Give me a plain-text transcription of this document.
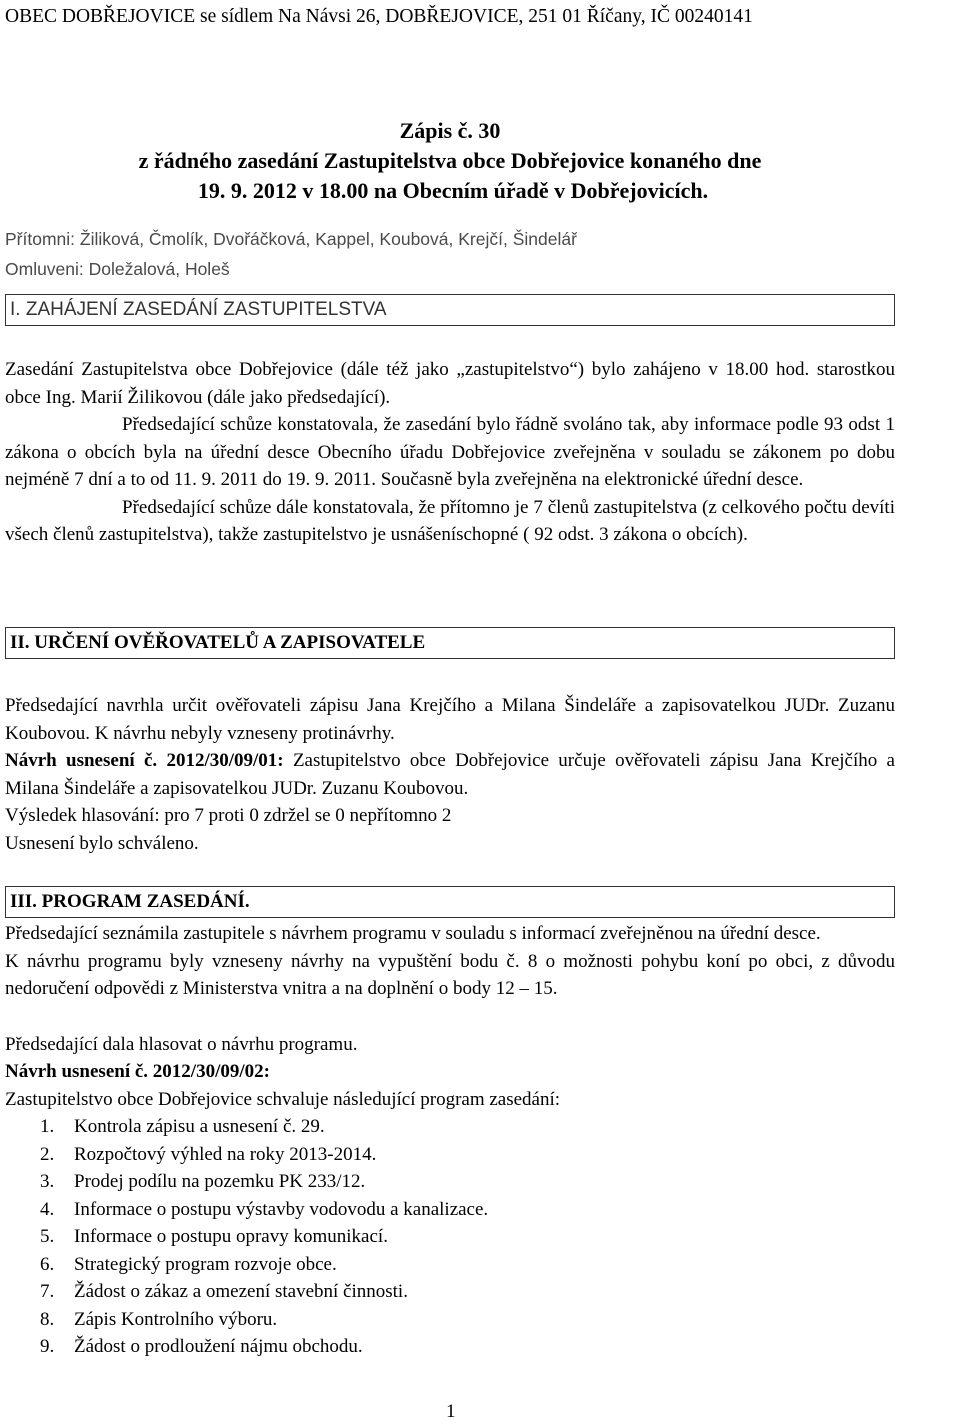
OBEC DOBŘEJOVICE se sídlem Na Návsi 26, DOBŘEJOVICE, 251 01 Říčany, IČ 00240141

Zápis č. 30
z řádného zasedání Zastupitelstva obce Dobřejovice konaného dne
19. 9. 2012 v 18.00 na Obecním úřadě v Dobřejovicích.

Přítomni: Žiliková, Čmolík, Dvořáčková, Kappel, Koubová, Krejčí, Šindelář

Omluveni: Doležalová, Holeš

I. ZAHÁJENÍ ZASEDÁNÍ ZASTUPITELSTVA

Zasedání Zastupitelstva obce Dobřejovice (dále též jako „zastupitelstvo“) bylo zahájeno v 18.00 hod. starostkou obce Ing. Marií Žilikovou (dále jako předsedající).

Předsedající schůze konstatovala, že zasedání bylo řádně svoláno tak, aby informace podle 93 odst 1 zákona o obcích byla na úřední desce Obecního úřadu Dobřejovice zveřejněna v souladu se zákonem po dobu nejméně 7 dní a to od 11. 9. 2011 do 19. 9. 2011. Současně byla zveřejněna na elektronické úřední desce.

Předsedající schůze dále konstatovala, že přítomno je 7 členů zastupitelstva (z celkového počtu devíti všech členů zastupitelstva), takže zastupitelstvo je usnášeníschopné ( 92 odst. 3 zákona o obcích).

II. URČENÍ OVĚŘOVATELŮ A ZAPISOVATELE

Předsedající navrhla určit ověřovateli zápisu Jana Krejčího a Milana Šindeláře a zapisovatelkou JUDr. Zuzanu Koubovou. K návrhu nebyly vzneseny protinávrhy.

Návrh usnesení č. 2012/30/09/01: Zastupitelstvo obce Dobřejovice určuje ověřovateli zápisu Jana Krejčího a Milana Šindeláře a zapisovatelkou JUDr. Zuzanu Koubovou.

Výsledek hlasování: pro 7 proti 0 zdržel se 0 nepřítomno 2

Usnesení bylo schváleno.

III. PROGRAM ZASEDÁNÍ.

Předsedající seznámila zastupitele s návrhem programu v souladu s informací zveřejněnou na úřední desce.

K návrhu programu byly vzneseny návrhy na vypuštění bodu č. 8 o možnosti pohybu koní po obci, z důvodu nedoručení odpovědi z Ministerstva vnitra a na doplnění o body 12 – 15.

Předsedající dala hlasovat o návrhu programu.

Návrh usnesení č. 2012/30/09/02:

Zastupitelstvo obce Dobřejovice schvaluje následující program zasedání:

1. Kontrola zápisu a usnesení č. 29.
2. Rozpočtový výhled na roky 2013-2014.
3. Prodej podílu na pozemku PK 233/12.
4. Informace o postupu výstavby vodovodu a kanalizace.
5. Informace o postupu opravy komunikací.
6. Strategický program rozvoje obce.
7. Žádost o zákaz a omezení stavební činnosti.
8. Zápis Kontrolního výboru.
9. Žádost o prodloužení nájmu obchodu.
1
